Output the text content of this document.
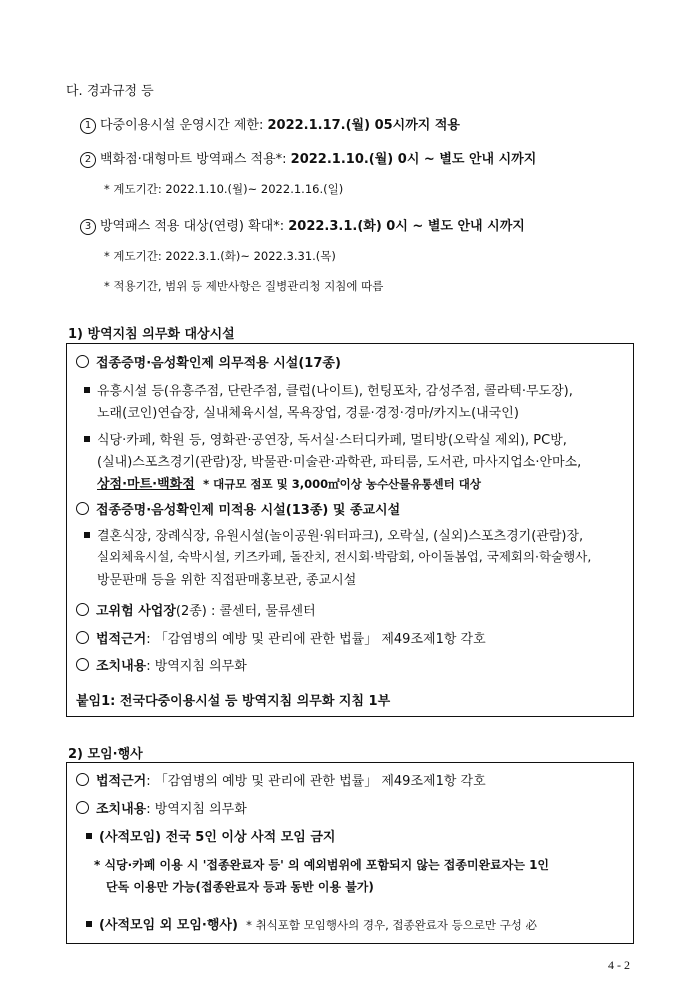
다. 경과규정 등
1 다중이용시설 운영시간 제한: 2022.1.17.(월) 05시까지 적용
2 백화점·대형마트 방역패스 적용*: 2022.1.10.(월) 0시 ~ 별도 안내 시까지
* 계도기간: 2022.1.10.(월)~ 2022.1.16.(일)
3 방역패스 적용 대상(연령) 확대*: 2022.3.1.(화) 0시 ~ 별도 안내 시까지
* 계도기간: 2022.3.1.(화)~ 2022.3.31.(목)
* 적용기간, 범위 등 제반사항은 질병관리청 지침에 따름
1) 방역지침 의무화 대상시설
접종증명·음성확인제 의무적용 시설(17종)
유흥시설 등(유흥주점, 단란주점, 클럽(나이트), 헌팅포차, 감성주점, 콜라텍·무도장),
노래(코인)연습장, 실내체육시설, 목욕장업, 경륜·경정·경마/카지노(내국인)
식당·카페, 학원 등, 영화관·공연장, 독서실·스터디카페, 멀티방(오락실 제외), PC방,
(실내)스포츠경기(관람)장, 박물관·미술관·과학관, 파티룸, 도서관, 마사지업소·안마소,
상점·마트·백화점 * 대규모 점포 및 3,000㎡이상 농수산물유통센터 대상
접종증명·음성확인제 미적용 시설(13종) 및 종교시설
결혼식장, 장례식장, 유원시설(놀이공원·워터파크), 오락실, (실외)스포츠경기(관람)장,
실외체육시설, 숙박시설, 키즈카페, 돌잔치, 전시회·박람회, 아이돌봄업, 국제회의·학술행사,
방문판매 등을 위한 직접판매홍보관, 종교시설
고위험 사업장(2종) : 콜센터, 물류센터
법적근거: 「감염병의 예방 및 관리에 관한 법률」 제49조제1항 각호
조치내용: 방역지침 의무화
붙임1: 전국다중이용시설 등 방역지침 의무화 지침 1부
2) 모임·행사
법적근거: 「감염병의 예방 및 관리에 관한 법률」 제49조제1항 각호
조치내용: 방역지침 의무화
(사적모임) 전국 5인 이상 사적 모임 금지
* 식당·카페 이용 시 '접종완료자 등' 의 예외범위에 포함되지 않는 접종미완료자는 1인
단독 이용만 가능(접종완료자 등과 동반 이용 불가)
(사적모임 외 모임·행사) * 취식포함 모임행사의 경우, 접종완료자 등으로만 구성 必
4 - 2
